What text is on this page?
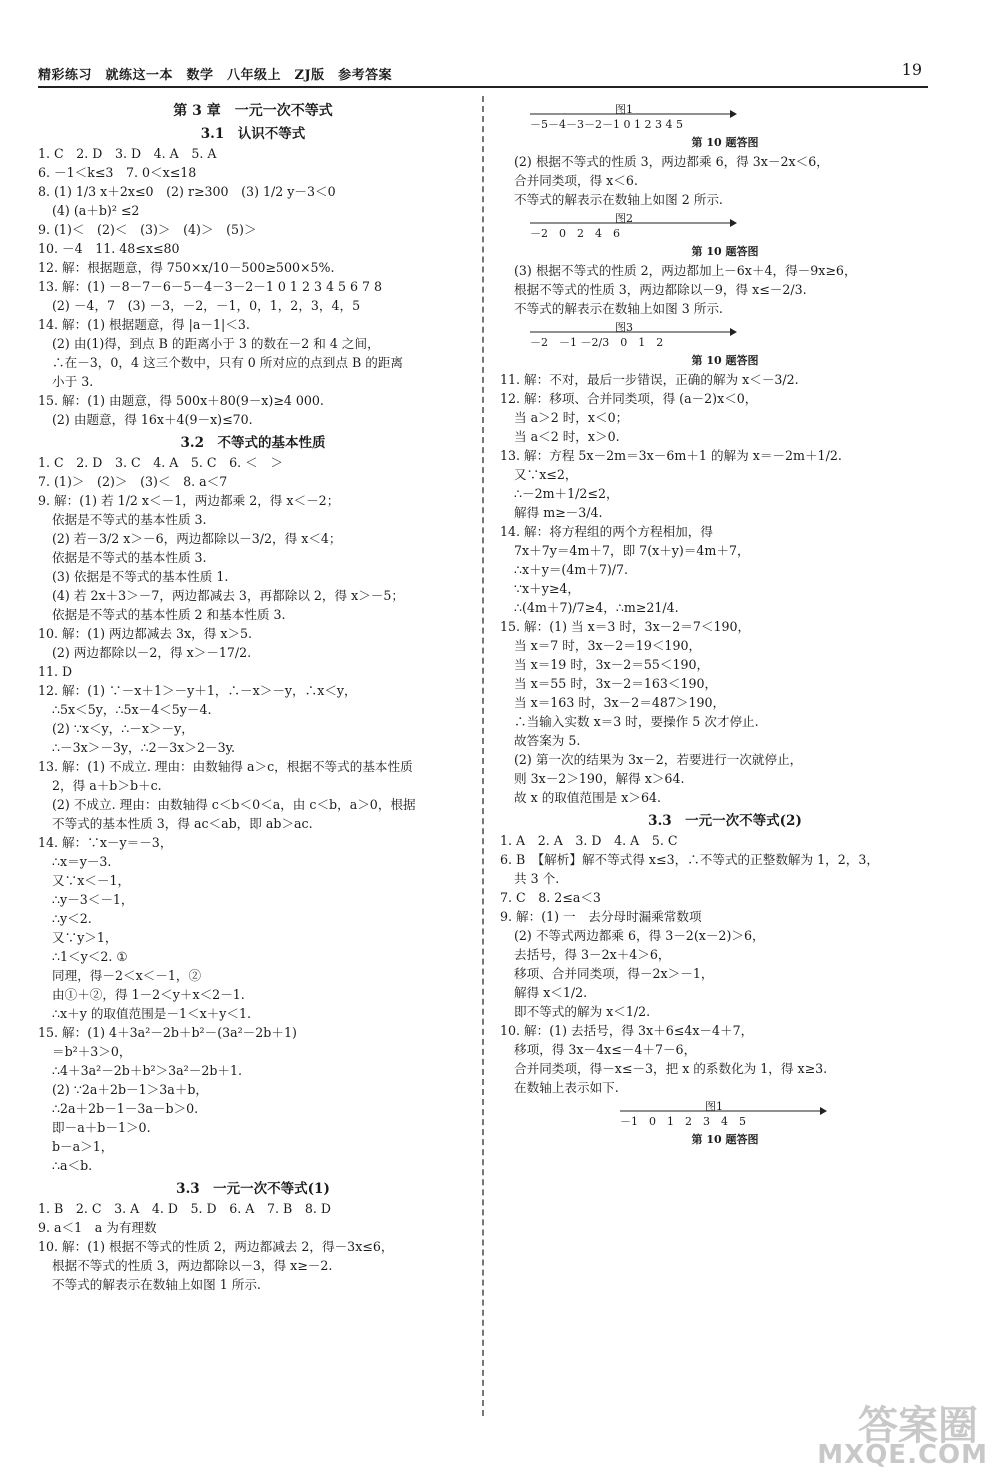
精彩练习　就练这一本　数学　八年级上　ZJ版　参考答案	19
第 3 章　一元一次不等式
3.1　认识不等式
1. C　2. D　3. D　4. A　5. A
6. －1＜k≤3　7. 0＜x≤18
8. (1) 1/3 x＋2x≤0　(2) r≥300　(3) 1/2 y－3＜0
(4) (a＋b)² ≤2
9. (1)＜　(2)＜　(3)＞　(4)＞　(5)＞
10. －4　11. 48≤x≤80
12. 解：根据题意，得 750×x/10－500≥500×5%.
13. 解：(1) －8－7－6－5－4－3－2－1 0 1 2 3 4 5 6 7 8
(2) －4，7　(3) －3，－2，－1，0，1，2，3，4，5
14. 解：(1) 根据题意，得 |a－1|＜3.
(2) 由(1)得，到点 B 的距离小于 3 的数在－2 和 4 之间，
∴在－3，0，4 这三个数中，只有 0 所对应的点到点 B 的距离
小于 3.
15. 解：(1) 由题意，得 500x＋80(9－x)≥4 000.
(2) 由题意，得 16x＋4(9－x)≤70.
3.2　不等式的基本性质
1. C　2. D　3. C　4. A　5. C　6. ＜　＞
7. (1)＞　(2)＞　(3)＜　8. a＜7
9. 解：(1) 若 1/2 x＜－1，两边都乘 2，得 x＜－2；
依据是不等式的基本性质 3.
(2) 若－3/2 x＞－6，两边都除以－3/2，得 x＜4；
依据是不等式的基本性质 3.
(3) 依据是不等式的基本性质 1.
(4) 若 2x＋3＞－7，两边都减去 3，再都除以 2，得 x＞－5；
依据是不等式的基本性质 2 和基本性质 3.
10. 解：(1) 两边都减去 3x，得 x＞5.
(2) 两边都除以－2，得 x＞－17/2.
11. D
12. 解：(1) ∵－x＋1＞－y＋1，∴－x＞－y，∴x＜y，
∴5x＜5y，∴5x－4＜5y－4.
(2) ∵x＜y，∴－x＞－y，
∴－3x＞－3y，∴2－3x＞2－3y.
13. 解：(1) 不成立. 理由：由数轴得 a＞c，根据不等式的基本性质
2，得 a＋b＞b＋c.
(2) 不成立. 理由：由数轴得 c＜b＜0＜a，由 c＜b，a＞0，根据
不等式的基本性质 3，得 ac＜ab，即 ab＞ac.
14. 解：∵x－y＝－3，
∴x＝y－3.
又∵x＜－1，
∴y－3＜－1，
∴y＜2.
又∵y＞1，
∴1＜y＜2. ①
同理，得－2＜x＜－1，②
由①＋②，得 1－2＜y＋x＜2－1.
∴x＋y 的取值范围是－1＜x＋y＜1.
15. 解：(1) 4＋3a²－2b＋b²－(3a²－2b＋1)
＝b²＋3＞0，
∴4＋3a²－2b＋b²＞3a²－2b＋1.
(2) ∵2a＋2b－1＞3a＋b，
∴2a＋2b－1－3a－b＞0.
即－a＋b－1＞0.
b－a＞1，
∴a＜b.
3.3　一元一次不等式(1)
1. B　2. C　3. A　4. D　5. D　6. A　7. B　8. D
9. a＜1　a 为有理数
10. 解：(1) 根据不等式的性质 2，两边都减去 2，得－3x≤6，
根据不等式的性质 3，两边都除以－3，得 x≥－2.
不等式的解表示在数轴上如图 1 所示.
－5－4－3－2－1 0 1 2 3 4 5
图1
第 10 题答图
(2) 根据不等式的性质 3，两边都乘 6，得 3x－2x＜6，
合并同类项，得 x＜6.
不等式的解表示在数轴上如图 2 所示.
－2　0　2　4　6
图2
第 10 题答图
(3) 根据不等式的性质 2，两边都加上－6x＋4，得－9x≥6，
根据不等式的性质 3，两边都除以－9，得 x≤－2/3.
不等式的解表示在数轴上如图 3 所示.
－2　－1 －2/3　0　1　2
图3
第 10 题答图
11. 解：不对，最后一步错误，正确的解为 x＜－3/2.
12. 解：移项、合并同类项，得 (a－2)x＜0，
当 a＞2 时，x＜0；
当 a＜2 时，x＞0.
13. 解：方程 5x－2m＝3x－6m＋1 的解为 x＝－2m＋1/2.
又∵x≤2，
∴－2m＋1/2≤2，
解得 m≥－3/4.
14. 解：将方程组的两个方程相加，得
7x＋7y＝4m＋7，即 7(x＋y)＝4m＋7，
∴x＋y＝(4m＋7)/7.
∵x＋y≥4，
∴(4m＋7)/7≥4，∴m≥21/4.
15. 解：(1) 当 x＝3 时，3x－2＝7＜190，
当 x＝7 时，3x－2＝19＜190，
当 x＝19 时，3x－2＝55＜190，
当 x＝55 时，3x－2＝163＜190，
当 x＝163 时，3x－2＝487＞190，
∴当输入实数 x＝3 时，要操作 5 次才停止.
故答案为 5.
(2) 第一次的结果为 3x－2，若要进行一次就停止，
则 3x－2＞190，解得 x＞64.
故 x 的取值范围是 x＞64.
3.3　一元一次不等式(2)
1. A　2. A　3. D　4. A　5. C
6. B　【解析】解不等式得 x≤3，∴不等式的正整数解为 1，2，3，
共 3 个.
7. C　8. 2≤a＜3
9. 解：(1) 一　去分母时漏乘常数项
(2) 不等式两边都乘 6，得 3－2(x－2)＞6，
去括号，得 3－2x＋4＞6，
移项、合并同类项，得－2x＞－1，
解得 x＜1/2.
即不等式的解为 x＜1/2.
10. 解：(1) 去括号，得 3x＋6≤4x－4＋7，
移项，得 3x－4x≤－4＋7－6，
合并同类项，得－x≤－3，把 x 的系数化为 1，得 x≥3.
在数轴上表示如下.
－1　0　1　2　3　4　5
图1
第 10 题答图
答案圈
MXQE.COM
